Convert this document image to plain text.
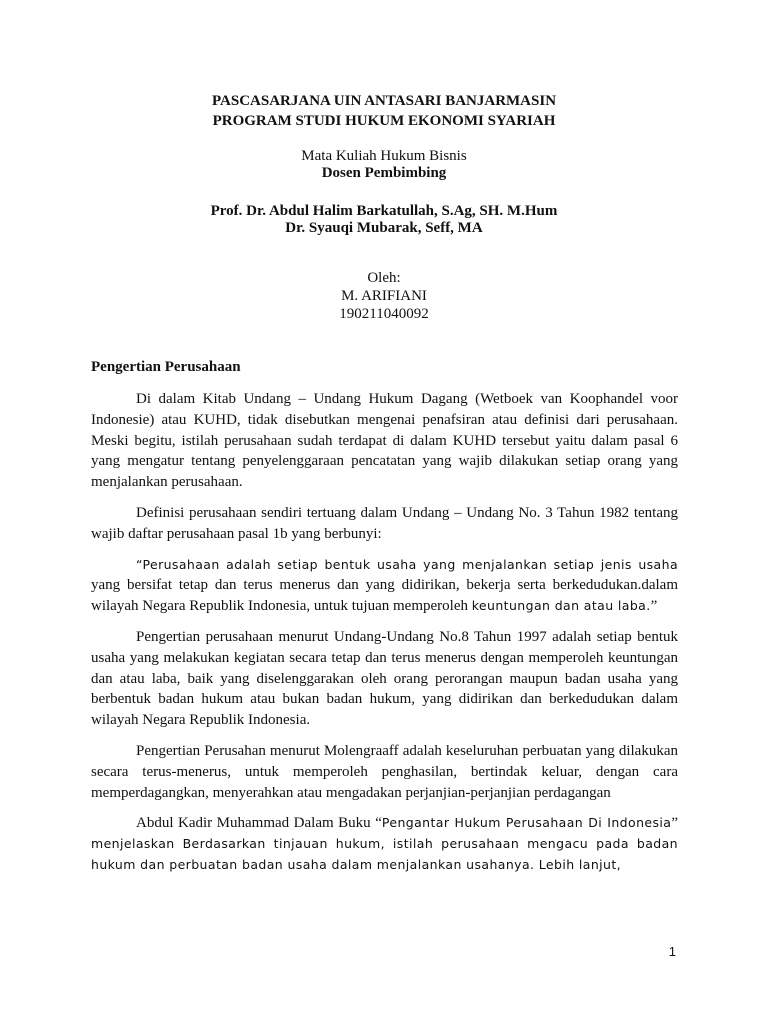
PASCASARJANA UIN ANTASARI BANJARMASIN
PROGRAM STUDI HUKUM EKONOMI SYARIAH
Mata Kuliah Hukum Bisnis
Dosen Pembimbing
Prof. Dr. Abdul Halim Barkatullah, S.Ag, SH. M.Hum
Dr. Syauqi Mubarak, Seff, MA
Oleh:
M. ARIFIANI
190211040092
Pengertian Perusahaan

Di dalam Kitab Undang – Undang Hukum Dagang (Wetboek van Koophandel voor Indonesie) atau KUHD, tidak disebutkan mengenai penafsiran atau definisi dari perusahaan. Meski begitu, istilah perusahaan sudah terdapat di dalam KUHD tersebut yaitu dalam pasal 6 yang mengatur tentang penyelenggaraan pencatatan yang wajib dilakukan setiap orang yang menjalankan perusahaan.

Definisi perusahaan sendiri tertuang dalam Undang – Undang No. 3 Tahun 1982 tentang wajib daftar perusahaan pasal 1b yang berbunyi:

“Perusahaan adalah setiap bentuk usaha yang menjalankan setiap jenis usaha yang bersifat tetap dan terus menerus dan yang didirikan, bekerja serta berkedudukan.dalam wilayah Negara Republik Indonesia, untuk tujuan memperoleh keuntungan dan atau laba.”

Pengertian perusahaan menurut Undang-Undang No.8 Tahun 1997 adalah setiap bentuk usaha yang melakukan kegiatan secara tetap dan terus menerus dengan memperoleh keuntungan dan atau laba, baik yang diselenggarakan oleh orang perorangan maupun badan usaha yang berbentuk badan hukum atau bukan badan hukum, yang didirikan dan berkedudukan dalam wilayah Negara Republik Indonesia.

Pengertian Perusahan menurut Molengraaff adalah keseluruhan perbuatan yang dilakukan secara terus-menerus, untuk memperoleh penghasilan, bertindak keluar, dengan cara memperdagangkan, menyerahkan atau mengadakan perjanjian-perjanjian perdagangan

Abdul Kadir Muhammad Dalam Buku “Pengantar Hukum Perusahaan Di Indonesia” menjelaskan Berdasarkan tinjauan hukum, istilah perusahaan mengacu pada badan hukum dan perbuatan badan usaha dalam menjalankan usahanya. Lebih lanjut,

1
